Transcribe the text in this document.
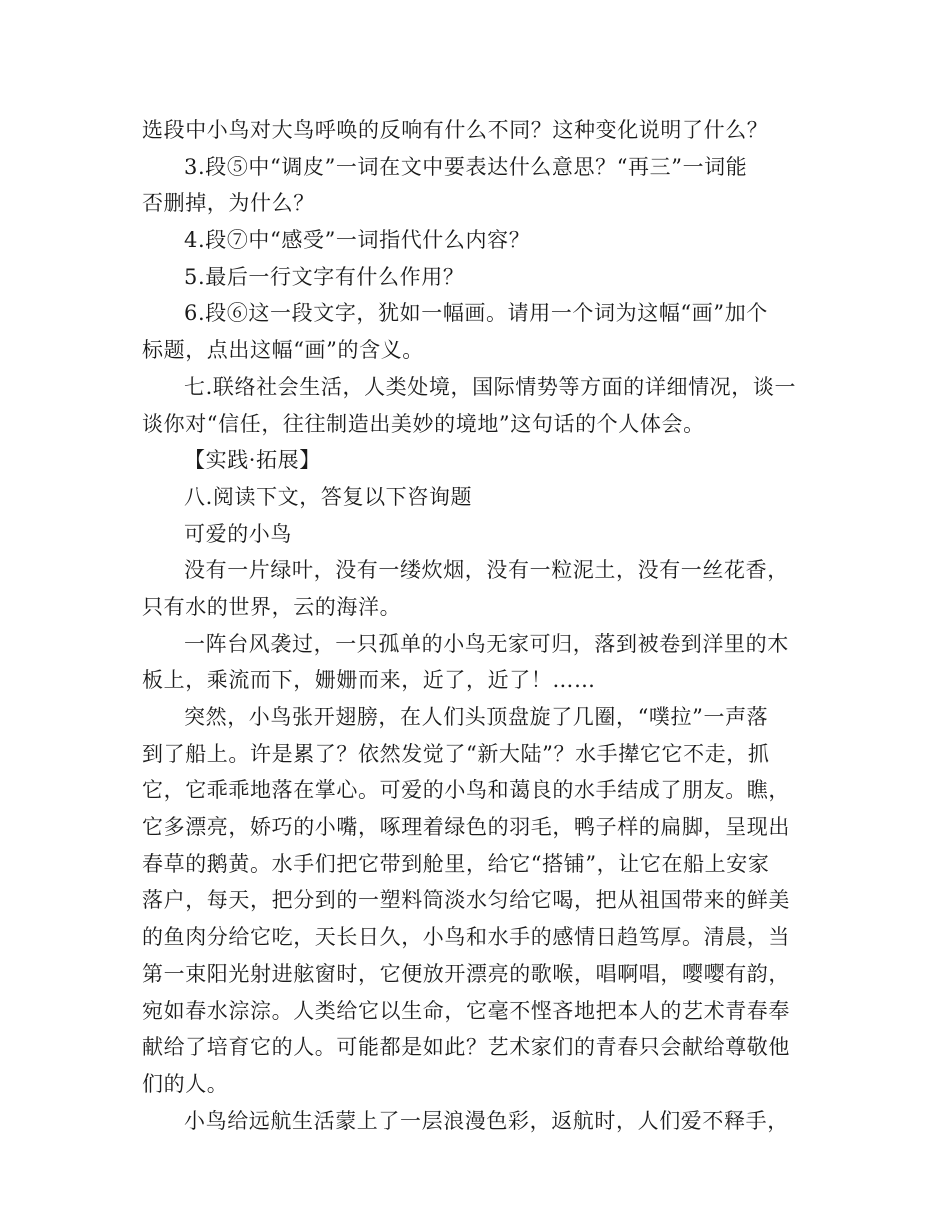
选段中小鸟对大鸟呼唤的反响有什么不同？这种变化说明了什么？
3.段⑤中“调皮”一词在文中要表达什么意思？“再三”一词能
否删掉，为什么？
4.段⑦中“感受”一词指代什么内容？
5.最后一行文字有什么作用？
6.段⑥这一段文字，犹如一幅画。请用一个词为这幅“画”加个
标题，点出这幅“画”的含义。
七.联络社会生活，人类处境，国际情势等方面的详细情况，谈一
谈你对“信任，往往制造出美妙的境地”这句话的个人体会。
【实践·拓展】
八.阅读下文，答复以下咨询题
可爱的小鸟
没有一片绿叶，没有一缕炊烟，没有一粒泥土，没有一丝花香，
只有水的世界，云的海洋。
一阵台风袭过，一只孤单的小鸟无家可归，落到被卷到洋里的木
板上，乘流而下，姗姗而来，近了，近了！……
突然，小鸟张开翅膀，在人们头顶盘旋了几圈，“噗拉”一声落
到了船上。许是累了？依然发觉了“新大陆”？水手撵它它不走，抓
它，它乖乖地落在掌心。可爱的小鸟和蔼良的水手结成了朋友。瞧，
它多漂亮，娇巧的小嘴，啄理着绿色的羽毛，鸭子样的扁脚，呈现出
春草的鹅黄。水手们把它带到舱里，给它“搭铺”，让它在船上安家
落户，每天，把分到的一塑料筒淡水匀给它喝，把从祖国带来的鲜美
的鱼肉分给它吃，天长日久，小鸟和水手的感情日趋笃厚。清晨，当
第一束阳光射进舷窗时，它便放开漂亮的歌喉，唱啊唱，嘤嘤有韵，
宛如春水淙淙。人类给它以生命，它毫不悭吝地把本人的艺术青春奉
献给了培育它的人。可能都是如此？艺术家们的青春只会献给尊敬他
们的人。
小鸟给远航生活蒙上了一层浪漫色彩，返航时，人们爱不释手，
